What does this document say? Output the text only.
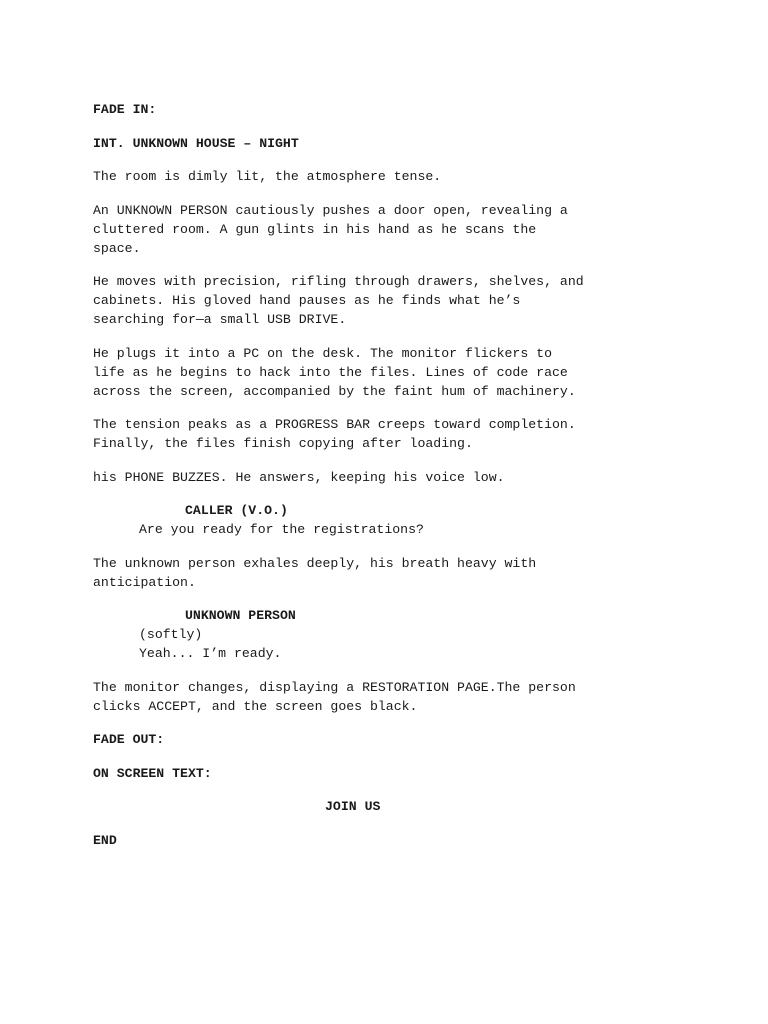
FADE IN:
INT. UNKNOWN HOUSE – NIGHT
The room is dimly lit, the atmosphere tense.
An UNKNOWN PERSON cautiously pushes a door open, revealing a
cluttered room. A gun glints in his hand as he scans the
space.
He moves with precision, rifling through drawers, shelves, and
cabinets. His gloved hand pauses as he finds what he’s
searching for—a small USB DRIVE.
He plugs it into a PC on the desk. The monitor flickers to
life as he begins to hack into the files. Lines of code race
across the screen, accompanied by the faint hum of machinery.
The tension peaks as a PROGRESS BAR creeps toward completion.
Finally, the files finish copying after loading.
his PHONE BUZZES. He answers, keeping his voice low.
CALLER (V.O.)
Are you ready for the registrations?
The unknown person exhales deeply, his breath heavy with
anticipation.
UNKNOWN PERSON
(softly)
Yeah... I’m ready.
The monitor changes, displaying a RESTORATION PAGE.The person
clicks ACCEPT, and the screen goes black.
FADE OUT:
ON SCREEN TEXT:
JOIN US
END
